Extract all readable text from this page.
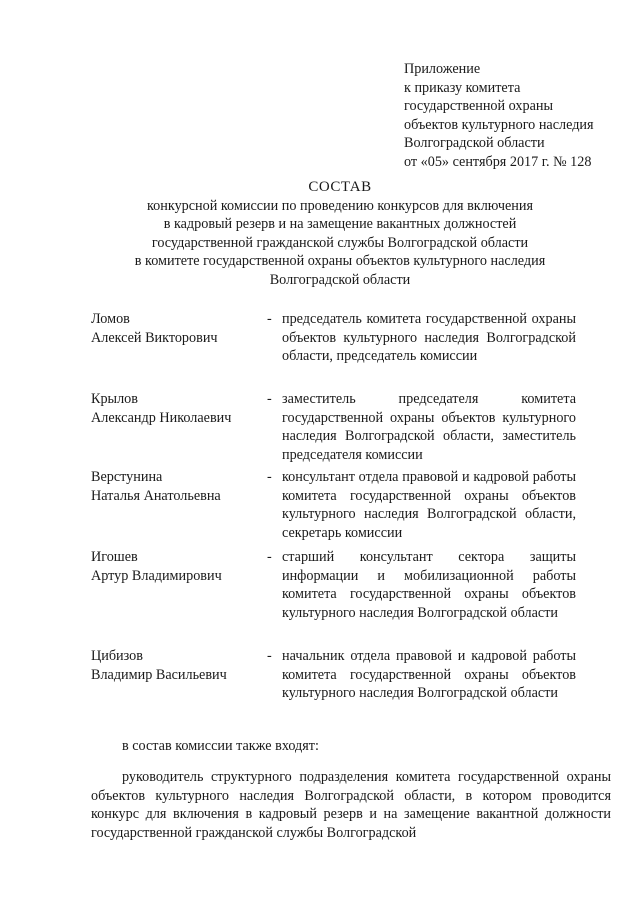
Приложение
к приказу комитета
государственной охраны
объектов культурного наследия
Волгоградской области
от «05» сентября 2017 г. № 128
СОСТАВ
конкурсной комиссии по проведению конкурсов для включения
в кадровый резерв и на замещение вакантных должностей
государственной гражданской службы Волгоградской области
в комитете государственной охраны объектов культурного наследия
Волгоградской области
Ломов
Алексей Викторович
- председатель комитета государственной охраны объектов культурного наследия Волгоградской области, председатель комиссии
Крылов
Александр Николаевич
- заместитель председателя комитета государственной охраны объектов культурного наследия Волгоградской области, заместитель председателя комиссии
Верстунина
Наталья Анатольевна
- консультант отдела правовой и кадровой работы комитета государственной охраны объектов культурного наследия Волгоградской области, секретарь комиссии
Игошев
Артур Владимирович
- старший консультант сектора защиты информации и мобилизационной работы комитета государственной охраны объектов культурного наследия Волгоградской области
Цибизов
Владимир Васильевич
- начальник отдела правовой и кадровой работы комитета государственной охраны объектов культурного наследия Волгоградской области
в состав комиссии также входят:
руководитель структурного подразделения комитета государственной охраны объектов культурного наследия Волгоградской области, в котором проводится конкурс для включения в кадровый резерв и на замещение вакантной должности государственной гражданской службы Волгоградской
